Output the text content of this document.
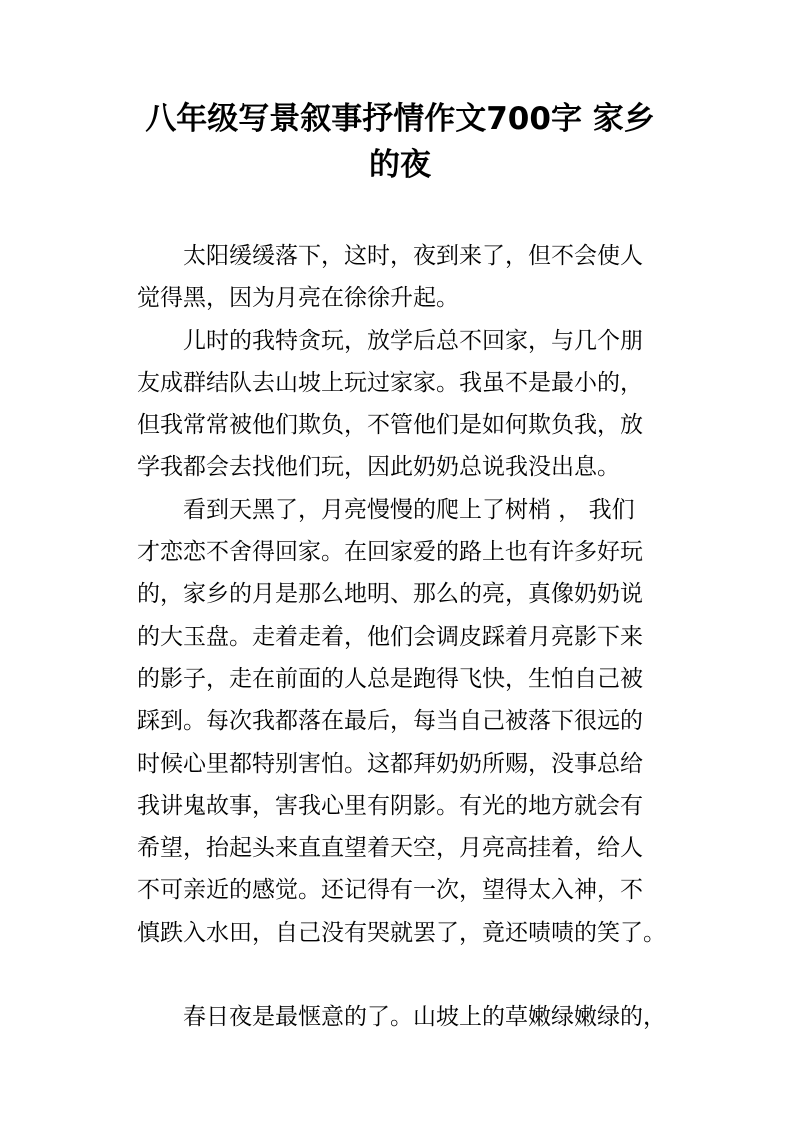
八年级写景叙事抒情作文700字 家乡
的夜
太阳缓缓落下，这时，夜到来了，但不会使人
觉得黑，因为月亮在徐徐升起。
儿时的我特贪玩，放学后总不回家，与几个朋
友成群结队去山坡上玩过家家。我虽不是最小的，
但我常常被他们欺负，不管他们是如何欺负我，放
学我都会去找他们玩，因此奶奶总说我没出息。
看到天黑了，月亮慢慢的爬上了树梢 ， 我们
才恋恋不舍得回家。在回家爱的路上也有许多好玩
的，家乡的月是那么地明、那么的亮，真像奶奶说
的大玉盘。走着走着，他们会调皮踩着月亮影下来
的影子，走在前面的人总是跑得飞快，生怕自己被
踩到。每次我都落在最后，每当自己被落下很远的
时候心里都特别害怕。这都拜奶奶所赐，没事总给
我讲鬼故事，害我心里有阴影。有光的地方就会有
希望，抬起头来直直望着天空，月亮高挂着，给人
不可亲近的感觉。还记得有一次，望得太入神，不
慎跌入水田，自己没有哭就罢了，竟还啧啧的笑了。
春日夜是最惬意的了。山坡上的草嫩绿嫩绿的，
